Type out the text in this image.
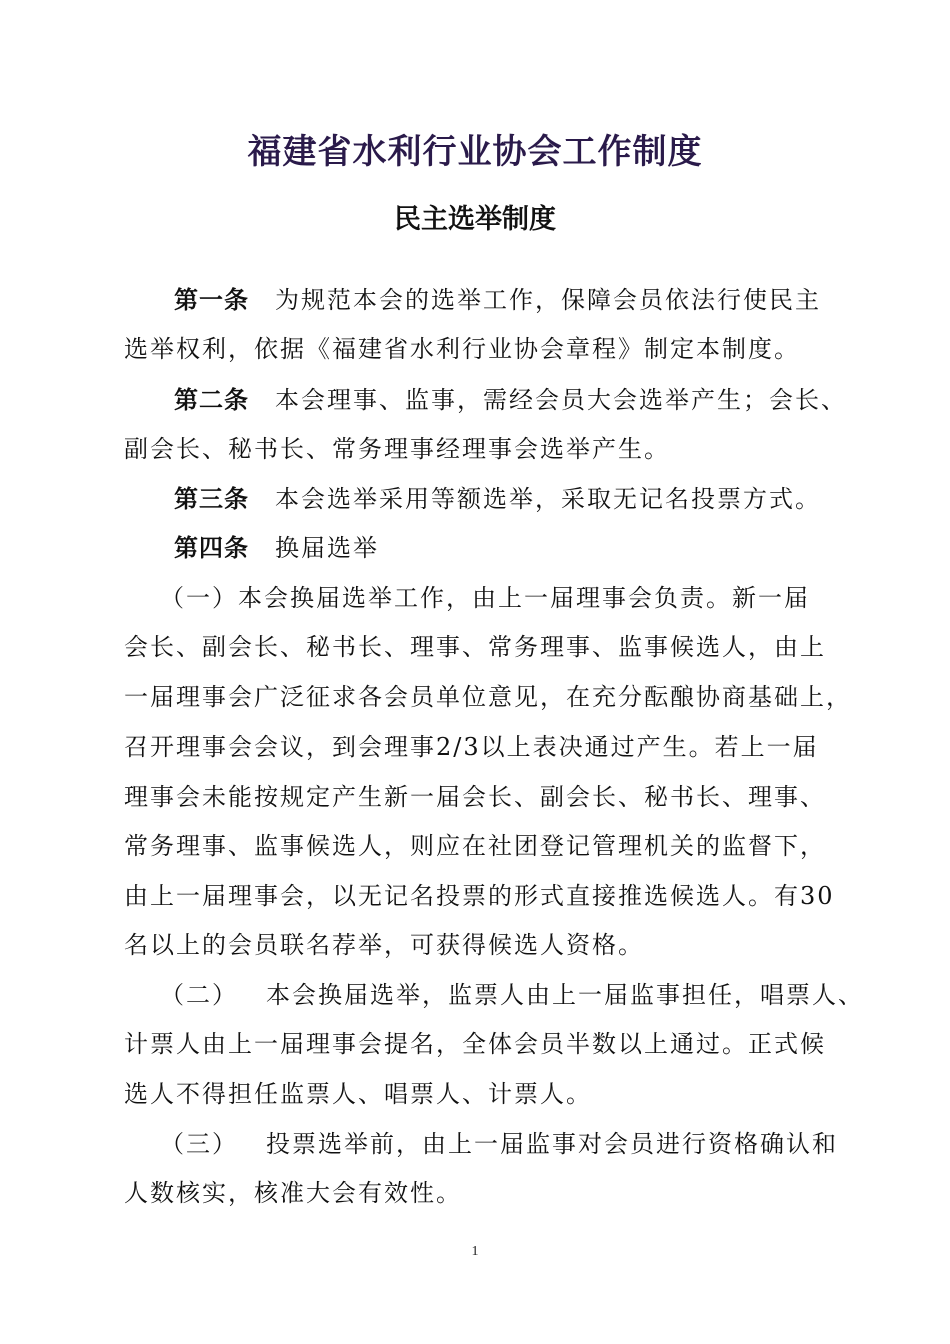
福建省水利行业协会工作制度
民主选举制度
第一条 为规范本会的选举工作，保障会员依法行使民主
选举权利，依据《福建省水利行业协会章程》制定本制度。
第二条 本会理事、监事，需经会员大会选举产生；会长、
副会长、秘书长、常务理事经理事会选举产生。
第三条 本会选举采用等额选举，采取无记名投票方式。
第四条 换届选举
（一）本会换届选举工作，由上一届理事会负责。新一届
会长、副会长、秘书长、理事、常务理事、监事候选人，由上
一届理事会广泛征求各会员单位意见，在充分酝酿协商基础上，
召开理事会会议，到会理事2/3以上表决通过产生。若上一届
理事会未能按规定产生新一届会长、副会长、秘书长、理事、
常务理事、监事候选人，则应在社团登记管理机关的监督下，
由上一届理事会，以无记名投票的形式直接推选候选人。有30
名以上的会员联名荐举，可获得候选人资格。
（二） 本会换届选举，监票人由上一届监事担任，唱票人、
计票人由上一届理事会提名，全体会员半数以上通过。正式候
选人不得担任监票人、唱票人、计票人。
（三） 投票选举前，由上一届监事对会员进行资格确认和
人数核实，核准大会有效性。
1
